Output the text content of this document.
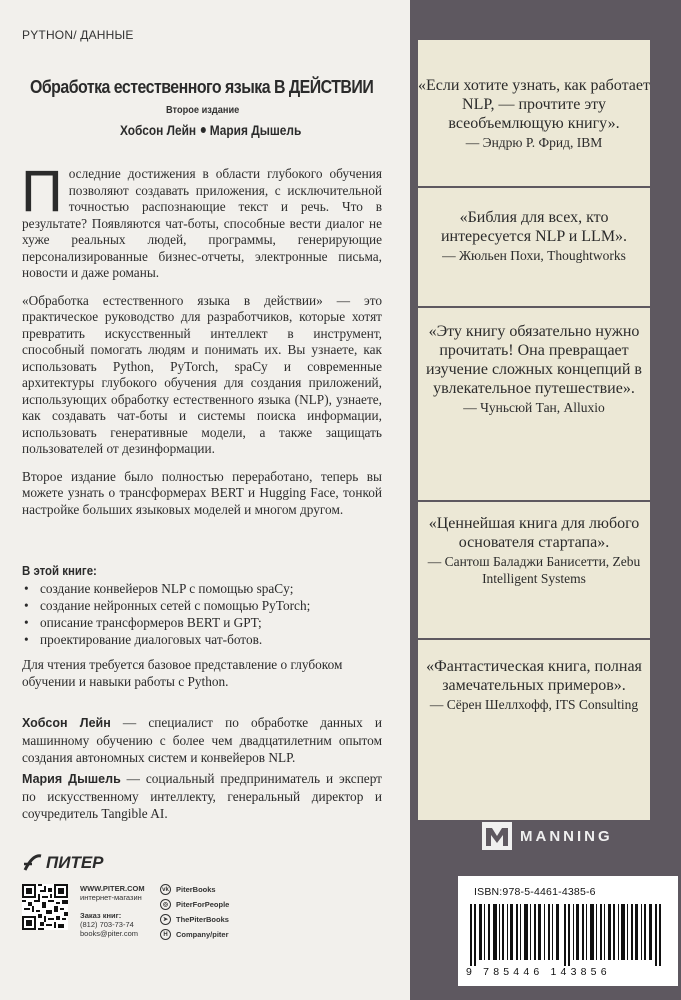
PYTHON/ ДАННЫЕ
Обработка естественного языка В ДЕЙСТВИИ
Второе издание
Хобсон Лейн Мария Дышель

Последние достижения в области глубокого обучения позволяют создавать приложения, с исключительной точностью распознающие текст и речь. Что в результате? Появляются чат-боты, способные вести диалог не хуже реальных людей, программы, генерирующие персонализированные бизнес-отчеты, электронные письма, новости и даже романы.

«Обработка естественного языка в действии» — это практическое руководство для разработчиков, которые хотят превратить искусственный интеллект в инструмент, способный помогать людям и понимать их. Вы узнаете, как использовать Python, PyTorch, spaCy и современные архитектуры глубокого обучения для создания приложений, использующих обработку естественного языка (NLP), узнаете, как создавать чат-боты и системы поиска информации, использовать генеративные модели, а также защищать пользователей от дезинформации.

Второе издание было полностью переработано, теперь вы можете узнать о трансформерах BERT и Hugging Face, тонкой настройке больших языковых моделей и многом другом.

В этой книге:
• создание конвейеров NLP с помощью spaCy;
• создание нейронных сетей с помощью PyTorch;
• описание трансформеров BERT и GPT;
• проектирование диалоговых чат-ботов.
Для чтения требуется базовое представление о глубоком обучении и навыки работы с Python.
Хобсон Лейн — специалист по обработке данных и машинному обучению с более чем двадцатилетним опытом создания автономных систем и конвейеров NLP.
Мария Дышель — социальный предприниматель и эксперт по искусственному интеллекту, генеральный директор и соучредитель Tangible AI.
ПИТЕР
WWW.PITER.COM
интернет-магазин
Заказ книг:
(812) 703-73-74
books@piter.com
vk PiterBooks
◎	PiterForPeople
➤	ThePiterBooks
H	Company/piter
«Если хотите узнать, как работает NLP, — прочтите эту всеобъемлющую книгу».
— Эндрю Р. Фрид, IBM
«Библия для всех, кто интересуется NLP и LLM».
— Жюльен Похи, Thoughtworks
«Эту книгу обязательно нужно прочитать! Она превращает изучение сложных концепций в увлекательное путешествие».
— Чуньсюй Тан, Alluxio
«Ценнейшая книга для любого основателя стартапа».
— Сантош Баладжи Банисетти, Zebu Intelligent Systems
«Фантастическая книга, полная замечательных примеров».
— Сёрен Шеллхофф, ITS Consulting
MANNING
ISBN:978-5-4461-4385-6
9 785446 143856
